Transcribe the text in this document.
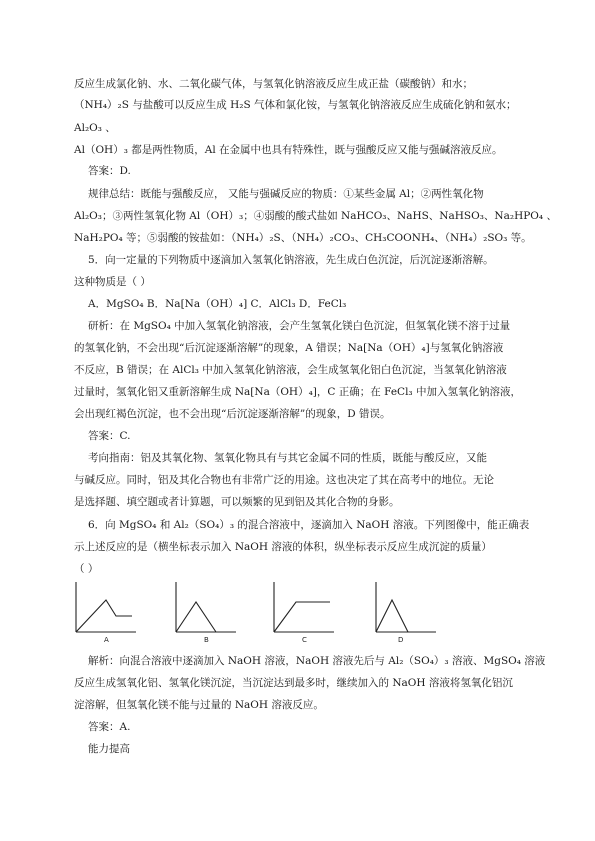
反应生成氯化钠、水、二氧化碳气体，与氢氧化钠溶液反应生成正盐（碳酸钠）和水；
（NH₄）₂S 与盐酸可以反应生成 H₂S 气体和氯化铵，与氢氧化钠溶液反应生成硫化钠和氨水；
Al₂O₃ 、
Al（OH）₃ 都是两性物质，Al 在金属中也具有特殊性，既与强酸反应又能与强碱溶液反应。
答案：D.
规律总结：既能与强酸反应， 又能与强碱反应的物质：①某些金属 Al；②两性氧化物
Al₂O₃；③两性氢氧化物 Al（OH）₃；④弱酸的酸式盐如 NaHCO₃、NaHS、NaHSO₃、Na₂HPO₄ 、
NaH₂PO₄ 等；⑤弱酸的铵盐如：（NH₄）₂S、（NH₄）₂CO₃、CH₃COONH₄、（NH₄）₂SO₃ 等。
5．向一定量的下列物质中逐滴加入氢氧化钠溶液，先生成白色沉淀，后沉淀逐渐溶解。
这种物质是（ ）
A．MgSO₄ B．Na[Na（OH）₄] C．AlCl₃ D．FeCl₃
研析：在 MgSO₄ 中加入氢氧化钠溶液，会产生氢氧化镁白色沉淀，但氢氧化镁不溶于过量
的氢氧化钠，不会出现“后沉淀逐渐溶解”的现象，A 错误；Na[Na（OH）₄]与氢氧化钠溶液
不反应，B 错误；在 AlCl₃ 中加入氢氧化钠溶液，会生成氢氧化铝白色沉淀，当氢氧化钠溶液
过量时，氢氧化铝又重新溶解生成 Na[Na（OH）₄]，C 正确；在 FeCl₃ 中加入氢氧化钠溶液，
会出现红褐色沉淀，也不会出现“后沉淀逐渐溶解”的现象，D 错误。
答案：C.
考向指南：铝及其氧化物、氢氧化物具有与其它金属不同的性质，既能与酸反应，又能
与碱反应。同时，铝及其化合物也有非常广泛的用途。这也决定了其在高考中的地位。无论
是选择题、填空题或者计算题，可以频繁的见到铝及其化合物的身影。
6．向 MgSO₄ 和 Al₂（SO₄）₃ 的混合溶液中，逐滴加入 NaOH 溶液。下列图像中，能正确表
示上述反应的是（横坐标表示加入 NaOH 溶液的体积，纵坐标表示反应生成沉淀的质量）
（ ）
A	B	C	D
解析：向混合溶液中逐滴加入 NaOH 溶液，NaOH 溶液先后与 Al₂（SO₄）₃ 溶液、MgSO₄ 溶液
反应生成氢氧化铝、氢氧化镁沉淀，当沉淀达到最多时，继续加入的 NaOH 溶液将氢氧化铝沉
淀溶解，但氢氧化镁不能与过量的 NaOH 溶液反应。
答案：A.
能力提高
